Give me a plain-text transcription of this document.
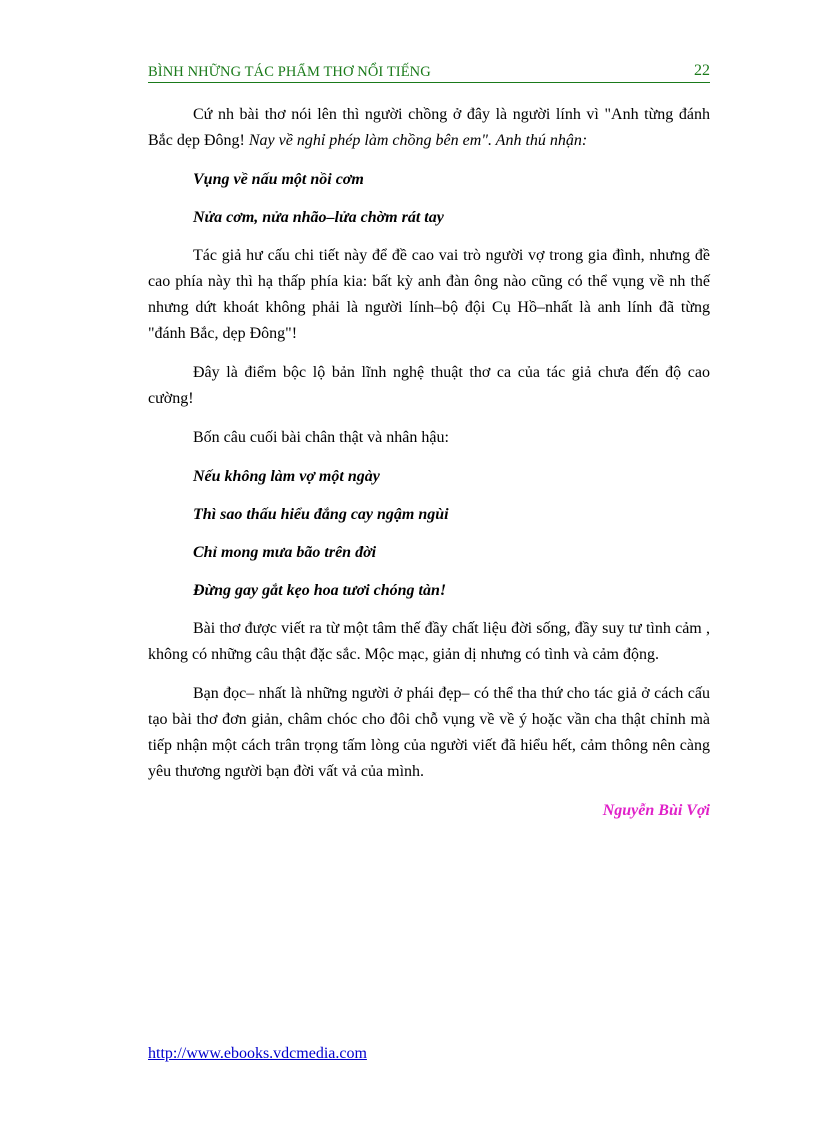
BÌNH NHỮNG TÁC PHẨM THƠ NỔI TIẾNG	22

Cứ nh bài thơ nói lên thì người chồng ở đây là người lính vì "Anh từng đánh Bắc dẹp Đông! Nay về nghỉ phép làm chồng bên em". Anh thú nhận:

Vụng về nấu một nồi cơm
Nửa cơm, nửa nhão–lửa chờm rát tay

Tác giả hư cấu chi tiết này để đề cao vai trò người vợ trong gia đình, nhưng đề cao phía này thì hạ thấp phía kia: bất kỳ anh đàn ông nào cũng có thể vụng về nh thế nhưng dứt khoát không phải là người lính–bộ đội Cụ Hồ–nhất là anh lính đã từng "đánh Bắc, dẹp Đông"!

Đây là điểm bộc lộ bản lĩnh nghệ thuật thơ ca của tác giả chưa đến độ cao cường!

Bốn câu cuối bài chân thật và nhân hậu:

Nếu không làm vợ một ngày
Thì sao thấu hiểu đắng cay ngậm ngùi
Chỉ mong mưa bão trên đời
Đừng gay gắt kẹo hoa tươi chóng tàn!

Bài thơ được viết ra từ một tâm thế đầy chất liệu đời sống, đầy suy tư tình cảm , không có những câu thật đặc sắc. Mộc mạc, giản dị nhưng có tình và cảm động.

Bạn đọc– nhất là những người ở phái đẹp– có thể tha thứ cho tác giả ở cách cấu tạo bài thơ đơn giản, châm chóc cho đôi chỗ vụng về về ý hoặc vần cha thật chỉnh mà tiếp nhận một cách trân trọng tấm lòng của người viết đã hiểu hết, cảm thông nên càng yêu thương người bạn đời vất vả của mình.

Nguyễn Bùi Vợi
http://www.ebooks.vdcmedia.com
